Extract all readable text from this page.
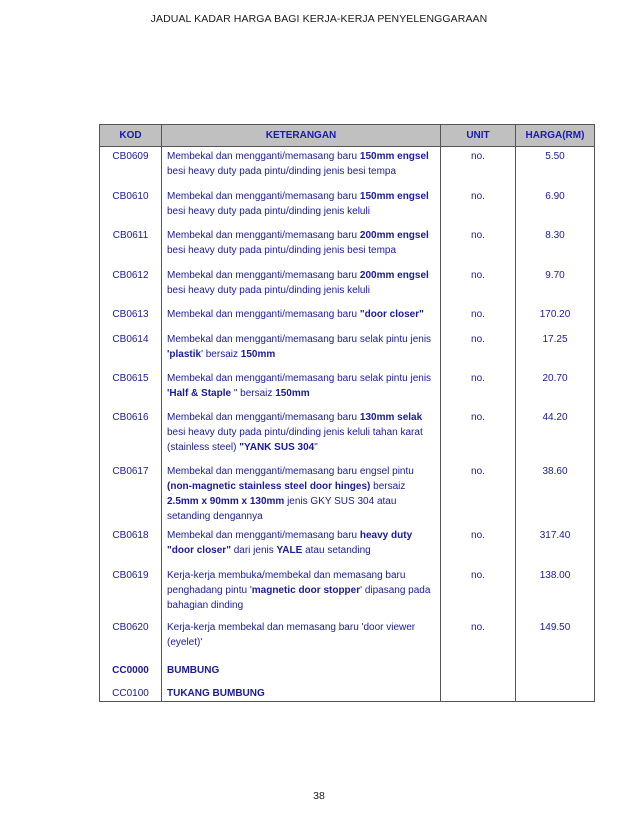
JADUAL KADAR HARGA BAGI KERJA-KERJA PENYELENGGARAAN
KOD	KETERANGAN	UNIT	HARGA(RM)
CB0609	Membekal dan mengganti/memasang baru 150mm engsel besi heavy duty pada pintu/dinding jenis besi tempa	no.	5.50
CB0610	Membekal dan mengganti/memasang baru 150mm engsel besi heavy duty pada pintu/dinding jenis keluli	no.	6.90
CB0611	Membekal dan mengganti/memasang baru 200mm engsel besi heavy duty pada pintu/dinding jenis besi tempa	no.	8.30
CB0612	Membekal dan mengganti/memasang baru 200mm engsel besi heavy duty pada pintu/dinding jenis keluli	no.	9.70
CB0613	Membekal dan mengganti/memasang baru "door closer"	no.	170.20
CB0614	Membekal dan mengganti/memasang baru selak pintu jenis 'plastik' bersaiz 150mm	no.	17.25
CB0615	Membekal dan mengganti/memasang baru selak pintu jenis 'Half & Staple " bersaiz 150mm	no.	20.70
CB0616	Membekal dan mengganti/memasang baru 130mm selak besi heavy duty pada pintu/dinding jenis keluli tahan karat (stainless steel) "YANK SUS 304"	no.	44.20
CB0617	Membekal dan mengganti/memasang baru engsel pintu (non-magnetic stainless steel door hinges) bersaiz 2.5mm x 90mm x 130mm jenis GKY SUS 304 atau setanding dengannya	no.	38.60
CB0618	Membekal dan mengganti/memasang baru heavy duty "door closer" dari jenis YALE atau setanding	no.	317.40
CB0619	Kerja-kerja membuka/membekal dan memasang baru penghadang pintu 'magnetic door stopper' dipasang pada bahagian dinding	no.	138.00
CB0620	Kerja-kerja membekal dan memasang baru 'door viewer (eyelet)'	no.	149.50
CC0000	BUMBUNG		
CC0100	TUKANG BUMBUNG		
38
